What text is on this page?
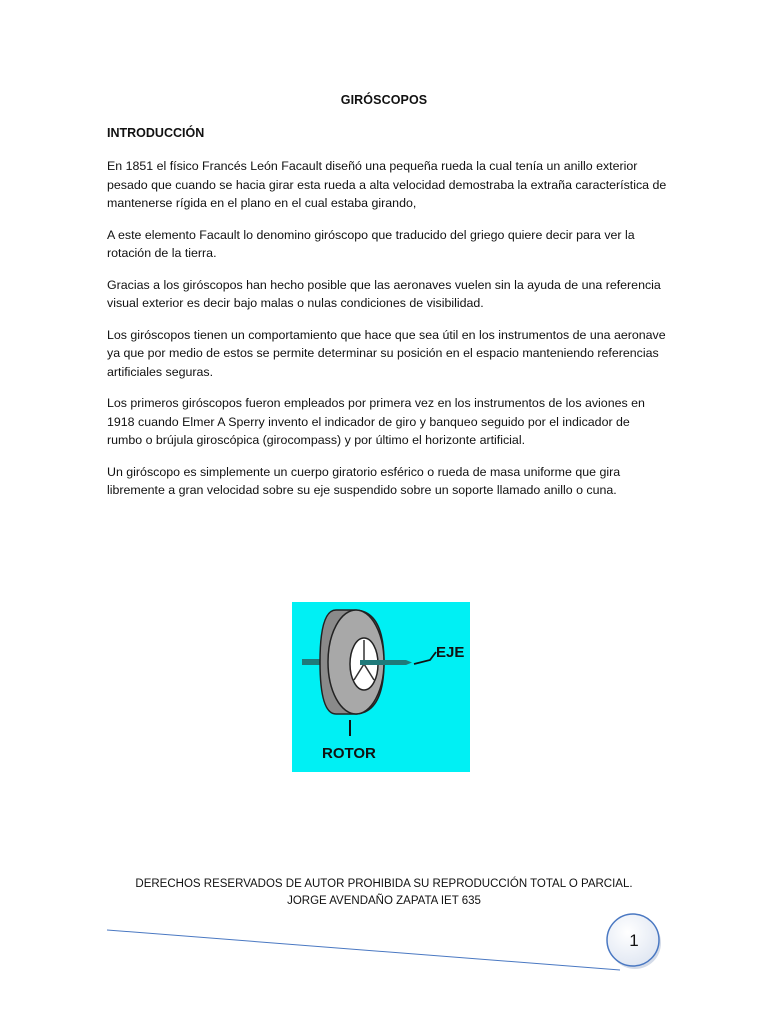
GIRÓSCOPOS
INTRODUCCIÓN

En 1851 el físico Francés León Facault diseñó una pequeña rueda la cual tenía un anillo exterior pesado que cuando se hacia girar esta rueda a alta velocidad demostraba la extraña característica de mantenerse rígida en el plano en el cual estaba girando,

A este elemento Facault lo denomino giróscopo que traducido del griego quiere decir para ver la rotación de la tierra.

Gracias a los giróscopos han hecho posible que las aeronaves vuelen sin la ayuda de una referencia visual exterior es decir bajo malas o nulas condiciones de visibilidad.

Los giróscopos tienen un comportamiento que hace que sea útil en los instrumentos de una aeronave ya que por medio de estos se permite determinar su posición en el espacio manteniendo referencias artificiales seguras.

Los primeros giróscopos fueron empleados por primera vez en los instrumentos de los aviones en 1918 cuando Elmer A Sperry invento el indicador de giro y banqueo seguido por el indicador de rumbo o brújula giroscópica (girocompass) y por último el horizonte artificial.

Un giróscopo es simplemente un cuerpo giratorio esférico o rueda de masa uniforme que gira libremente a gran velocidad sobre su eje suspendido sobre un soporte llamado anillo o cuna.

EJE
ROTOR
DERECHOS RESERVADOS DE AUTOR PROHIBIDA SU REPRODUCCIÓN TOTAL O PARCIAL.
JORGE AVENDAÑO ZAPATA IET 635
1
